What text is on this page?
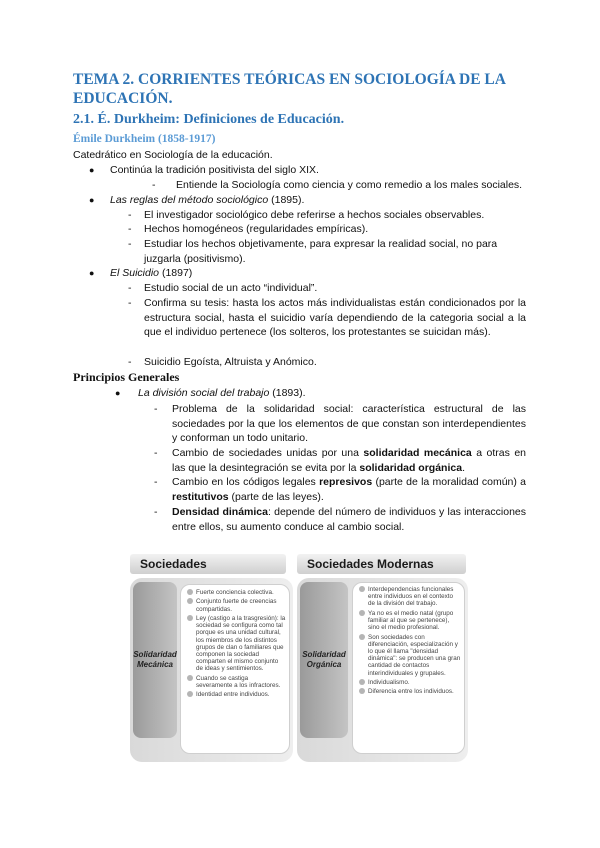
TEMA 2. CORRIENTES TEÓRICAS EN SOCIOLOGÍA DE LA EDUCACIÓN.
2.1. É. Durkheim: Definiciones de Educación.
Émile Durkheim (1858-1917)

Catedrático en Sociología de la educación.

● Continúa la tradición positivista del siglo XIX.

- Entiende la Sociología como ciencia y como remedio a los males sociales.

● Las reglas del método sociológico (1895).

- El investigador sociológico debe referirse a hechos sociales observables.

- Hechos homogéneos (regularidades empíricas).

- Estudiar los hechos objetivamente, para expresar la realidad social, no para juzgarla (positivismo).

● El Suicidio (1897)

- Estudio social de un acto “individual”.

- Confirma su tesis: hasta los actos más individualistas están condicionados por la estructura social, hasta el suicidio varía dependiendo de la categoria social a la que el individuo pertenece (los solteros, los protestantes se suicidan más).

- Suicidio Egoísta, Altruista y Anómico.

Principios Generales
● La división social del trabajo (1893).

- Problema de la solidaridad social: característica estructural de las sociedades por la que los elementos de que constan son interdependientes y conforman un todo unitario.

- Cambio de sociedades unidas por una solidaridad mecánica a otras en las que la desintegración se evita por la solidaridad orgánica.

- Cambio en los códigos legales represivos (parte de la moralidad común) a restitutivos (parte de las leyes).

- Densidad dinámica: depende del número de individuos y las interacciones entre ellos, su aumento conduce al cambio social.

Sociedades	Sociedades Modernas
Solidaridad
Mecánica
Fuerte conciencia colectiva.
Conjunto fuerte de creencias compartidas.
Ley (castigo a la trasgresión): la sociedad se configura como tal porque es una unidad cultural, los miembros de los distintos grupos de clan o familiares que componen la sociedad comparten el mismo conjunto de ideas y sentimientos.
Cuando se castiga severamente a los infractores.
Identidad entre individuos.
Solidaridad
Orgánica
Interdependencias funcionales entre individuos en el contexto de la división del trabajo.
Ya no es el medio natal (grupo familiar al que se pertenece), sino el medio profesional.
Son sociedades con diferenciación, especialización y lo que él llama "densidad dinámica": se producen una gran cantidad de contactos interindividuales y grupales.
Individualismo.
Diferencia entre los individuos.
